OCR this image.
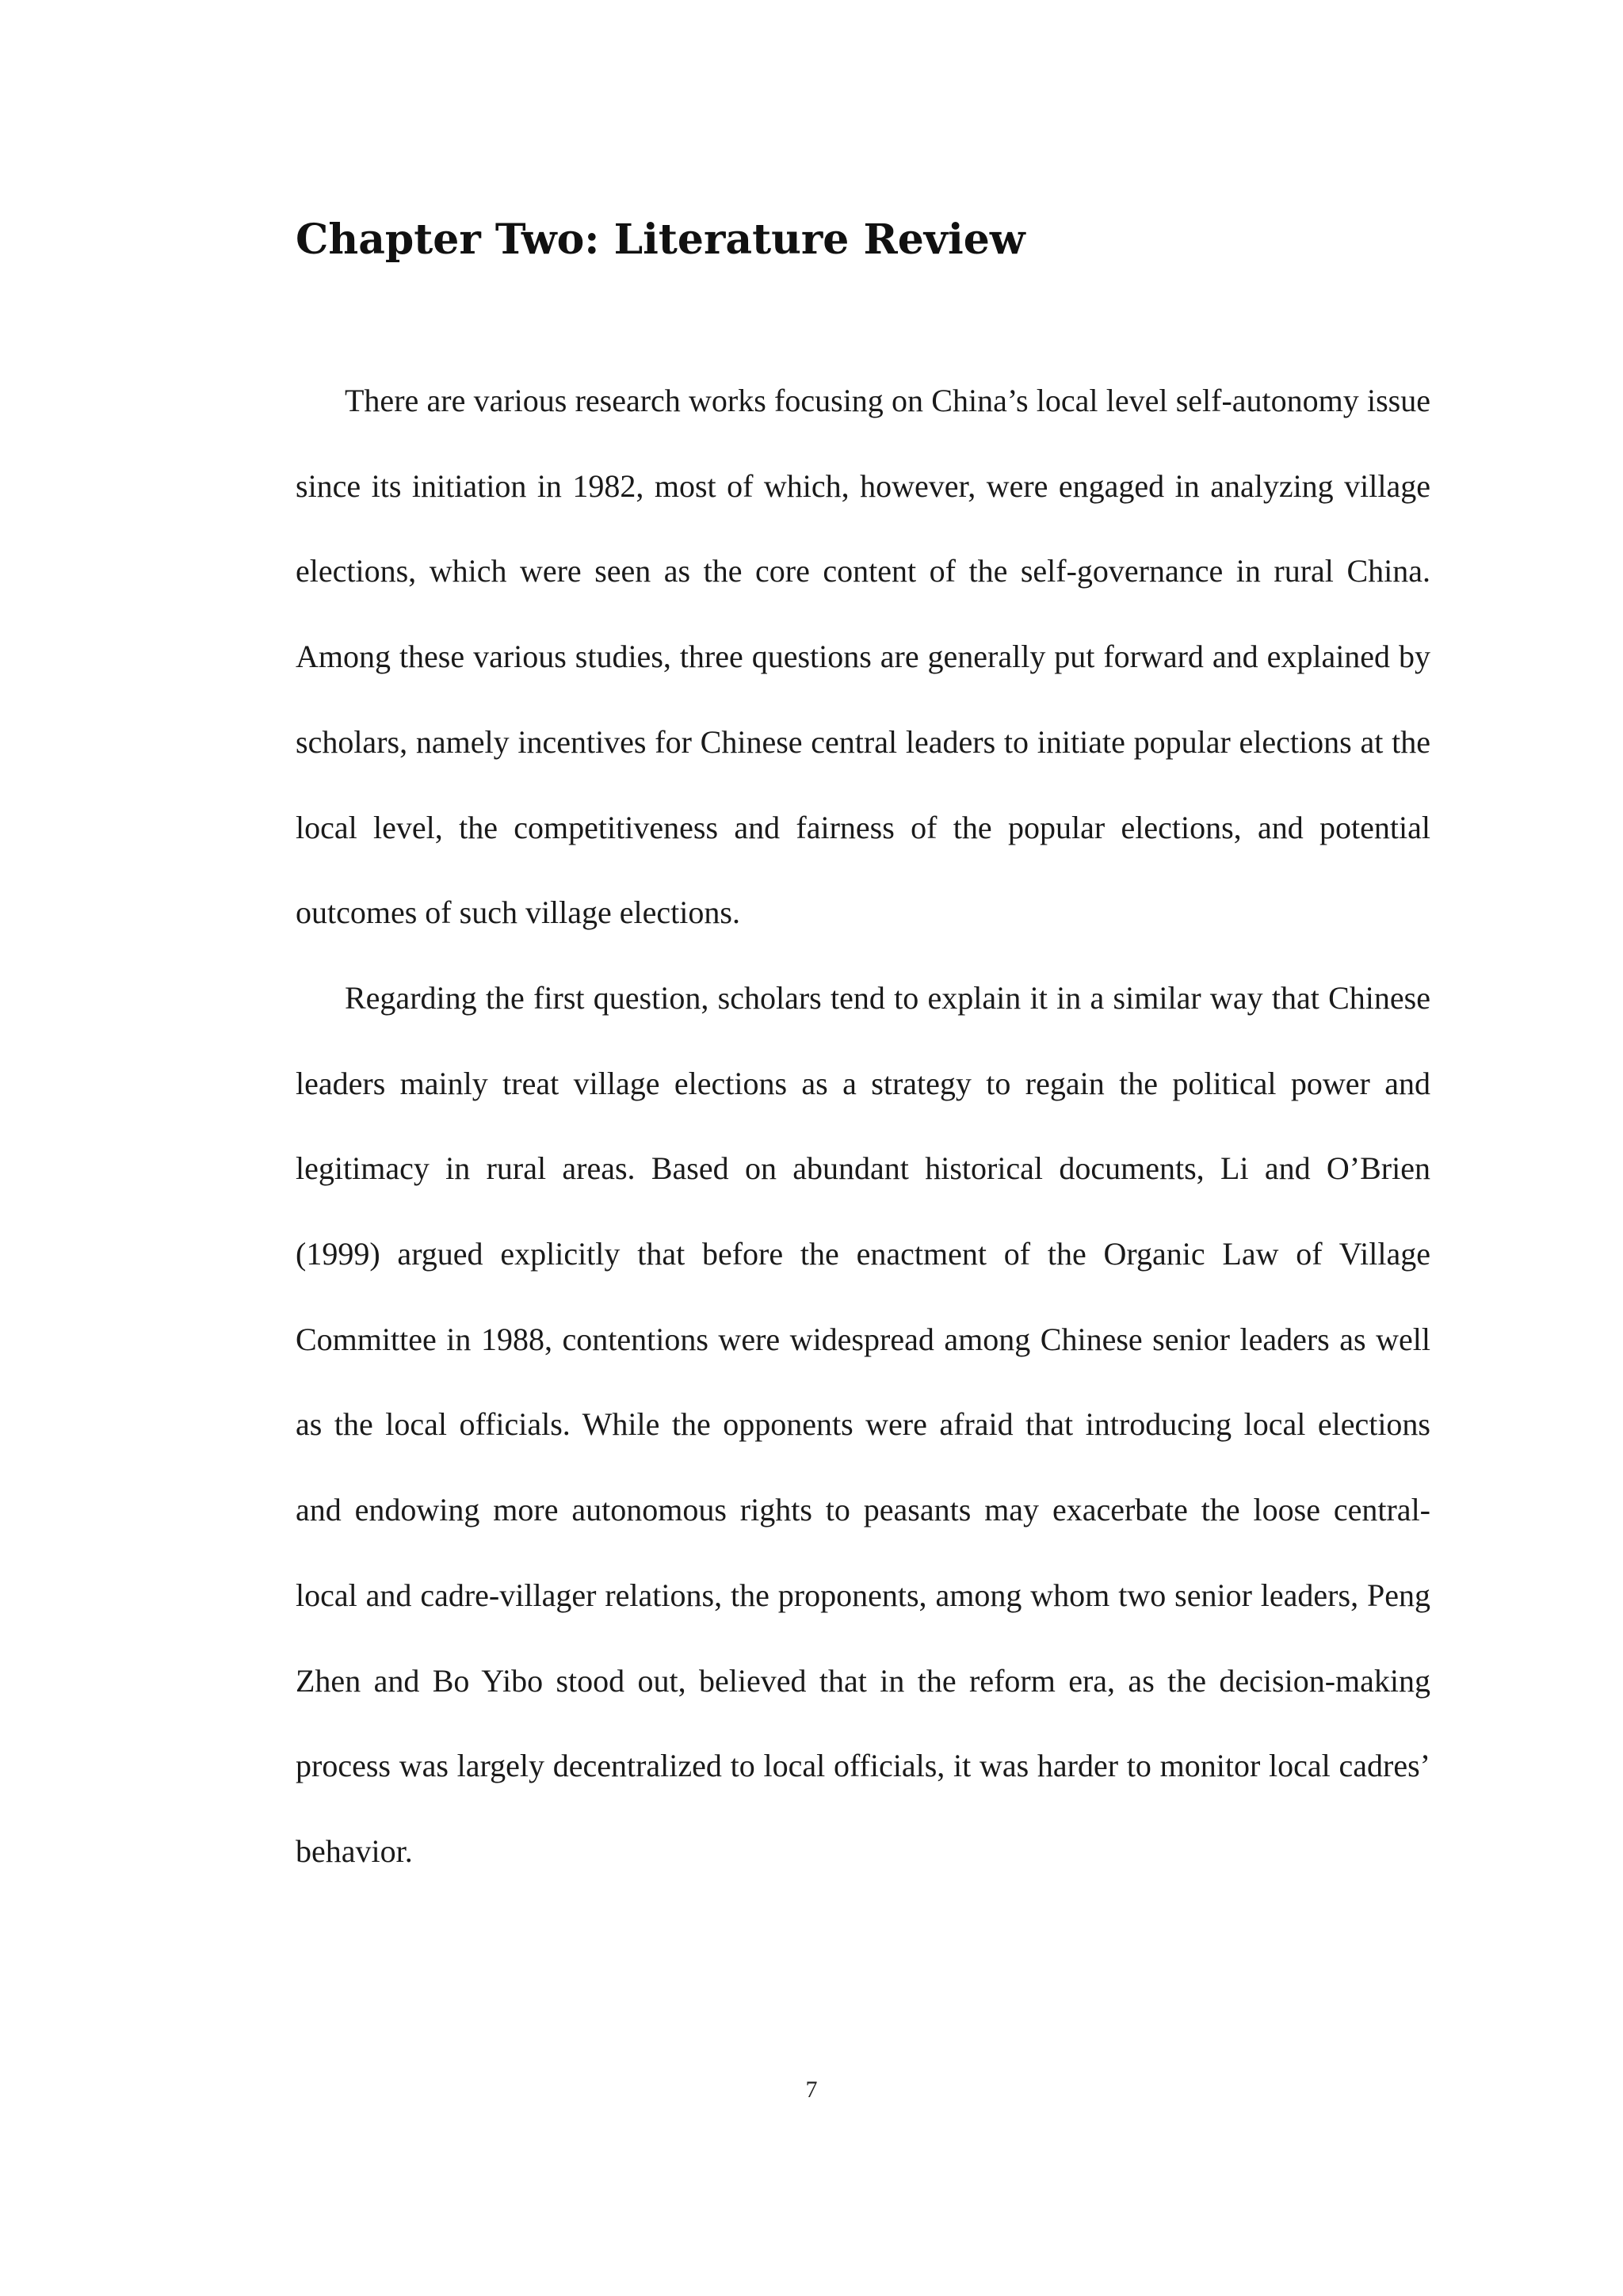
Chapter Two: Literature Review

There are various research works focusing on China’s local level self-autonomy issue since its initiation in 1982, most of which, however, were engaged in analyzing village elections, which were seen as the core content of the self-governance in rural China. Among these various studies, three questions are generally put forward and explained by scholars, namely incentives for Chinese central leaders to initiate popular elections at the local level, the competitiveness and fairness of the popular elections, and potential outcomes of such village elections.

Regarding the first question, scholars tend to explain it in a similar way that Chinese leaders mainly treat village elections as a strategy to regain the political power and legitimacy in rural areas. Based on abundant historical documents, Li and O’Brien (1999) argued explicitly that before the enactment of the Organic Law of Village Committee in 1988, contentions were widespread among Chinese senior leaders as well as the local officials. While the opponents were afraid that introducing local elections and endowing more autonomous rights to peasants may exacerbate the loose central-local and cadre-villager relations, the proponents, among whom two senior leaders, Peng Zhen and Bo Yibo stood out, believed that in the reform era, as the decision-making process was largely decentralized to local officials, it was harder to monitor local cadres’ behavior.

7
